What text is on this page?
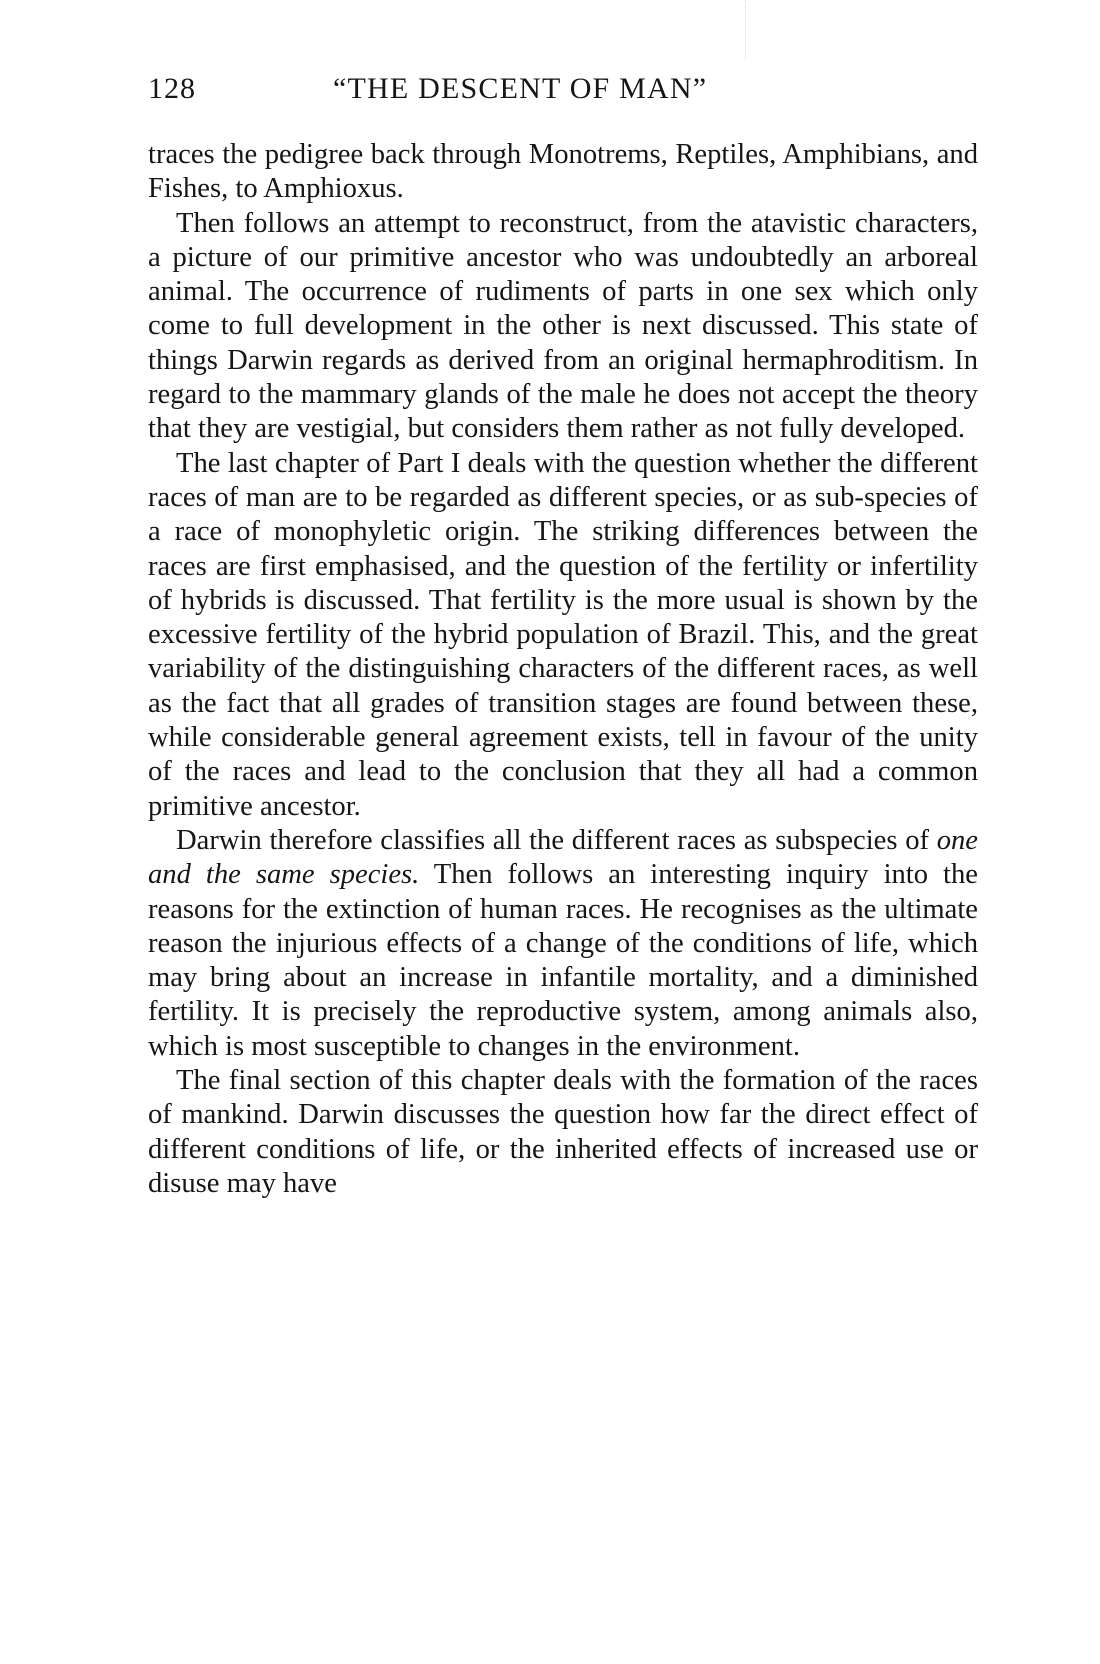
128	“THE DESCENT OF MAN”

traces the pedigree back through Monotrems, Reptiles, Amphibians, and Fishes, to Amphioxus.

Then follows an attempt to reconstruct, from the atavistic characters, a picture of our primitive ancestor who was undoubtedly an arboreal animal. The occurrence of rudiments of parts in one sex which only come to full development in the other is next discussed. This state of things Darwin regards as derived from an original hermaphroditism. In regard to the mammary glands of the male he does not accept the theory that they are vestigial, but considers them rather as not fully developed.

The last chapter of Part I deals with the question whether the different races of man are to be regarded as different species, or as sub-species of a race of monophyletic origin. The striking differences between the races are first emphasised, and the question of the fertility or infertility of hybrids is discussed. That fertility is the more usual is shown by the excessive fertility of the hybrid population of Brazil. This, and the great variability of the distinguishing characters of the different races, as well as the fact that all grades of transition stages are found between these, while considerable general agreement exists, tell in favour of the unity of the races and lead to the conclusion that they all had a common primitive ancestor.

Darwin therefore classifies all the different races as subspecies of one and the same species. Then follows an interesting inquiry into the reasons for the extinction of human races. He recognises as the ultimate reason the injurious effects of a change of the conditions of life, which may bring about an increase in infantile mortality, and a diminished fertility. It is precisely the reproductive system, among animals also, which is most susceptible to changes in the environment.

The final section of this chapter deals with the formation of the races of mankind. Darwin discusses the question how far the direct effect of different conditions of life, or the inherited effects of increased use or disuse may have
